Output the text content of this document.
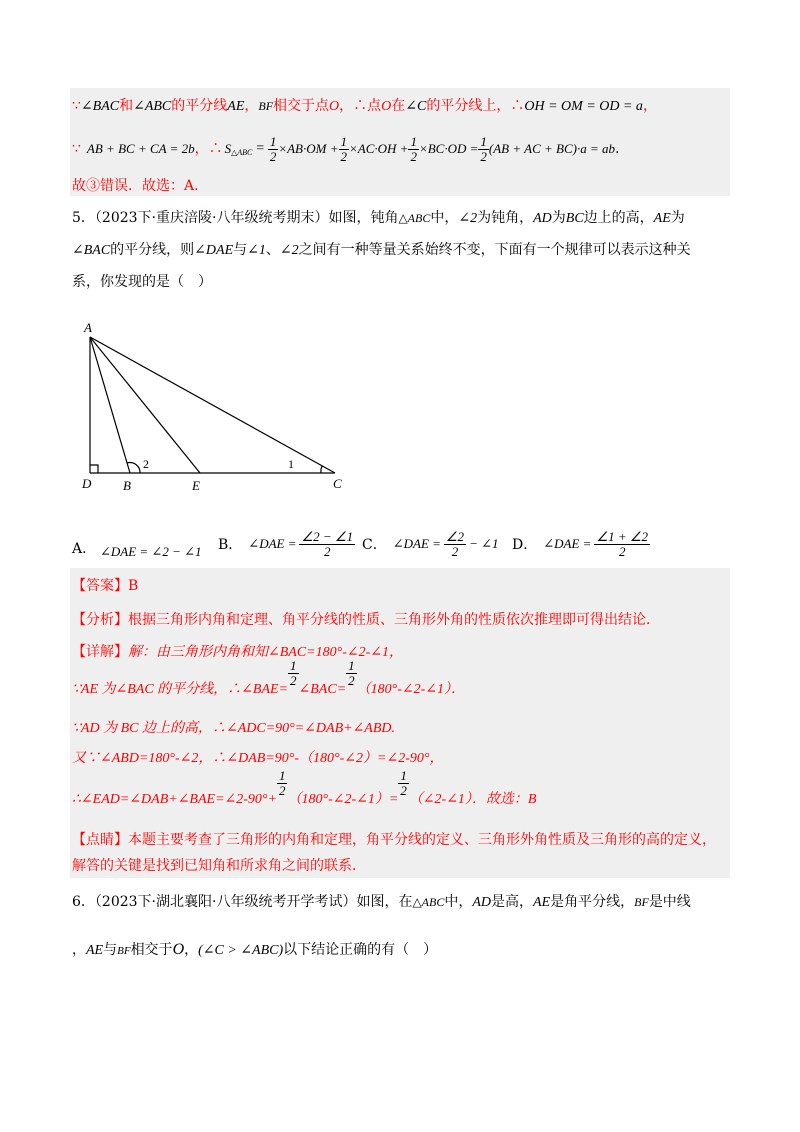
∵∠BAC和∠ABC的平分线AE，BF相交于点O，∴点O在∠C的平分线上，∴OH = OM = OD = a，
∵ AB + BC + CA = 2b ，∴ S △ABC = $\frac{1}{2} \times AB\cdot OM + \frac{1}{2} \times AC\cdot OH + \frac{1}{2} \times BC\cdot OD = \frac{1}{2} (AB$ + AC + BC)·a = ab .
故③错误．故选：A.
5．（2023下·重庆涪陵·八年级统考期末）如图，钝角△ABC中，∠2为钝角，AD为BC边上的高，AE为
∠BAC的平分线，则∠DAE与∠1、∠2之间有一种等量关系始终不变，下面有一个规律可以表示这种关
系，你发现的是（　）
A
D B	E	C
1
2
A． ∠DAE = ∠2 − ∠1 B． ∠DAE = $\frac{\angle 2 - \angle 1}{2}$ C． ∠DAE = $\frac{\angle 2}{2}$ − ∠1 D． ∠DAE = $\frac{\angle 1 + \angle 2}{2}$
【答案】B
【分析】根据三角形内角和定理、角平分线的性质、三角形外角的性质依次推理即可得出结论．
【详解】解：由三角形内角和知∠BAC=180°-∠2-∠1，
∵AE 为∠BAC 的平分线，∴∠BAE=
$\frac{1}{2}$
∠BAC=
$\frac{1}{2}$
（180°-∠2-∠1）．
∵AD 为 BC 边上的高，∴∠ADC=90°=∠DAB+∠ABD.
又∵∠ABD=180°-∠2，∴∠DAB=90°-（180°-∠2）=∠2-90°，
∴∠EAD=∠DAB+∠BAE=∠2-90°+
$\frac{1}{2}$
（180°-∠2-∠1）=
$\frac{1}{2}$
（∠2-∠1）．故选：B
【点睛】本题主要考查了三角形的内角和定理，角平分线的定义、三角形外角性质及三角形的高的定义，
解答的关键是找到已知角和所求角之间的联系．
6．（2023下·湖北襄阳·八年级统考开学考试）如图，在△ABC中，AD是高，AE是角平分线，BF是中线
，AE与BF相交于O，(∠C > ∠ABC)以下结论正确的有（　）
